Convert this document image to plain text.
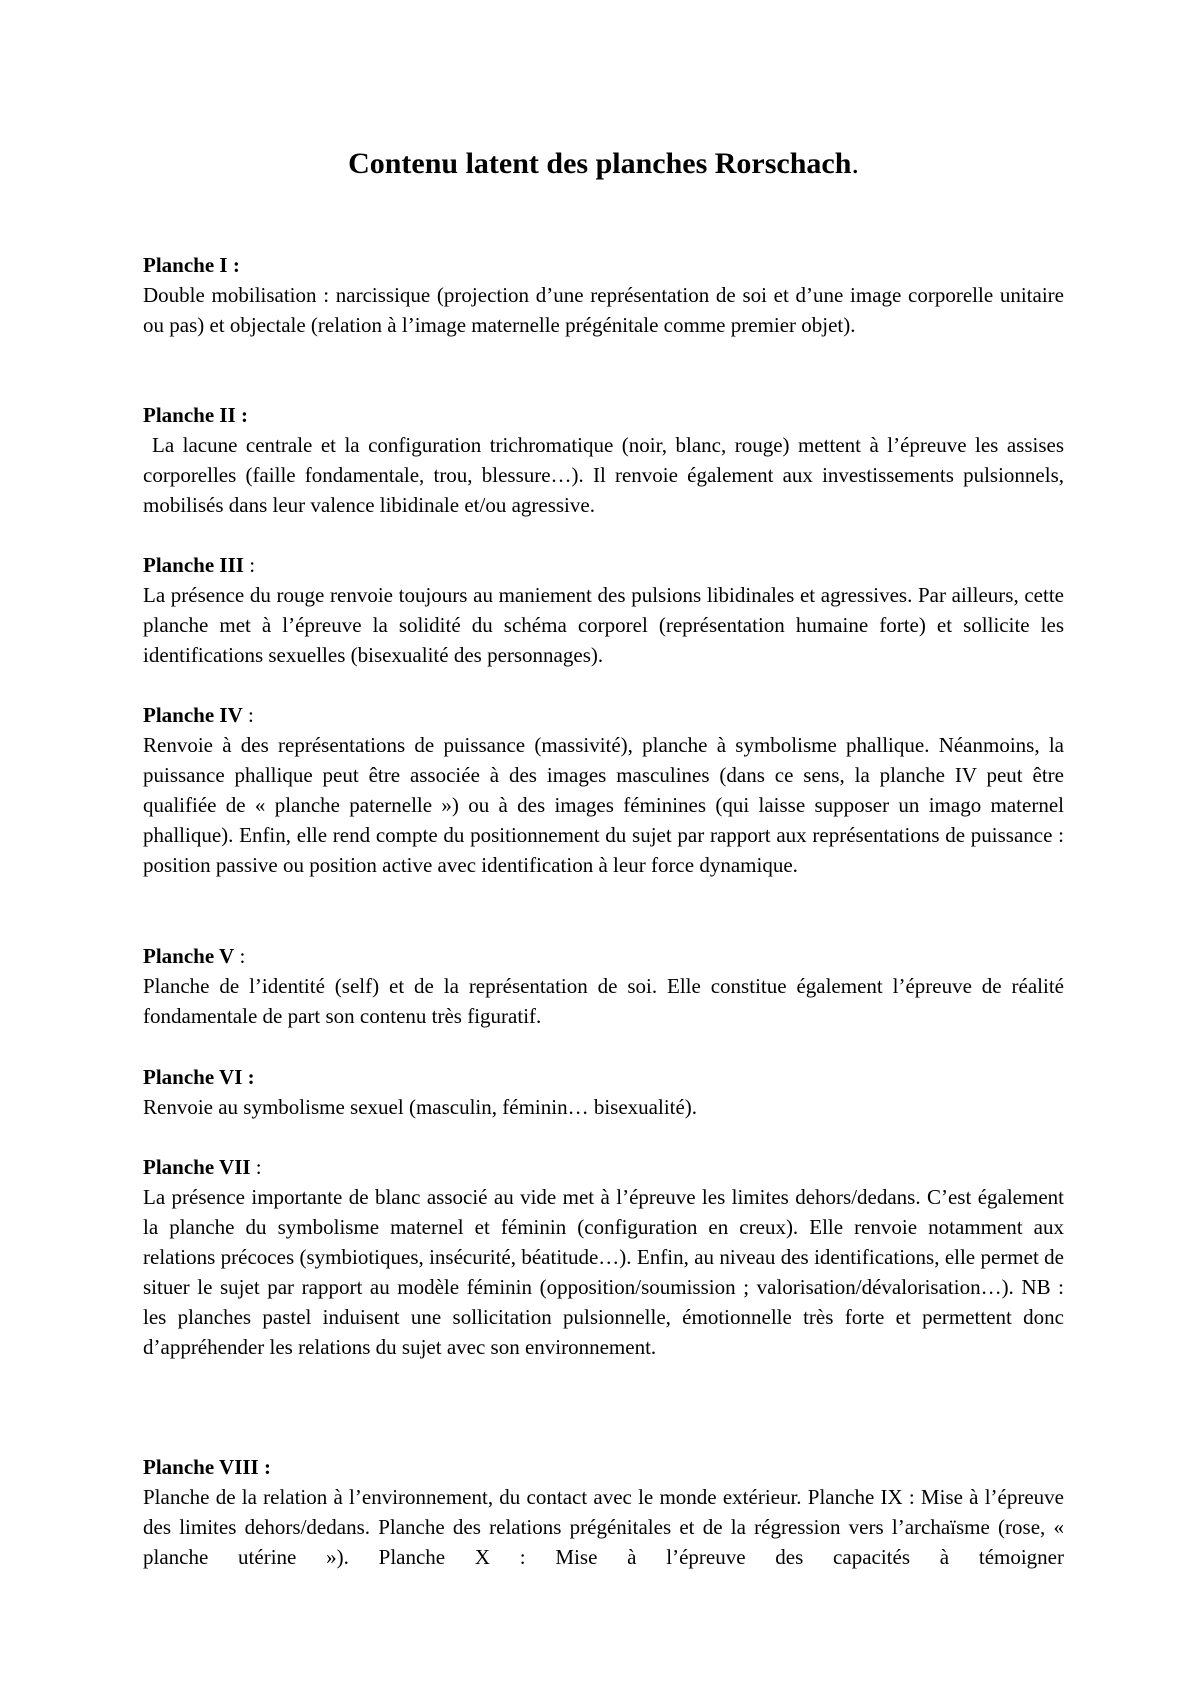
Contenu latent des planches Rorschach.

Planche I :

Double mobilisation : narcissique (projection d’une représentation de soi et d’une image corporelle unitaire ou pas) et objectale (relation à l’image maternelle prégénitale comme premier objet).

Planche II :

La lacune centrale et la configuration trichromatique (noir, blanc, rouge) mettent à l’épreuve les assises corporelles (faille fondamentale, trou, blessure…). Il renvoie également aux investissements pulsionnels, mobilisés dans leur valence libidinale et/ou agressive.

Planche III :

La présence du rouge renvoie toujours au maniement des pulsions libidinales et agressives. Par ailleurs, cette planche met à l’épreuve la solidité du schéma corporel (représentation humaine forte) et sollicite les identifications sexuelles (bisexualité des personnages).

Planche IV :

Renvoie à des représentations de puissance (massivité), planche à symbolisme phallique. Néanmoins, la puissance phallique peut être associée à des images masculines (dans ce sens, la planche IV peut être qualifiée de « planche paternelle ») ou à des images féminines (qui laisse supposer un imago maternel phallique). Enfin, elle rend compte du positionnement du sujet par rapport aux représentations de puissance : position passive ou position active avec identification à leur force dynamique.

Planche V :

Planche de l’identité (self) et de la représentation de soi. Elle constitue également l’épreuve de réalité fondamentale de part son contenu très figuratif.

Planche VI :

Renvoie au symbolisme sexuel (masculin, féminin… bisexualité).

Planche VII :

La présence importante de blanc associé au vide met à l’épreuve les limites dehors/dedans. C’est également la planche du symbolisme maternel et féminin (configuration en creux). Elle renvoie notamment aux relations précoces (symbiotiques, insécurité, béatitude…). Enfin, au niveau des identifications, elle permet de situer le sujet par rapport au modèle féminin (opposition/soumission ; valorisation/dévalorisation…). NB : les planches pastel induisent une sollicitation pulsionnelle, émotionnelle très forte et permettent donc d’appréhender les relations du sujet avec son environnement.

Planche VIII :

Planche de la relation à l’environnement, du contact avec le monde extérieur. Planche IX : Mise à l’épreuve des limites dehors/dedans. Planche des relations prégénitales et de la régression vers l’archaïsme (rose, « planche utérine »). Planche X : Mise à l’épreuve des capacités à témoigner
